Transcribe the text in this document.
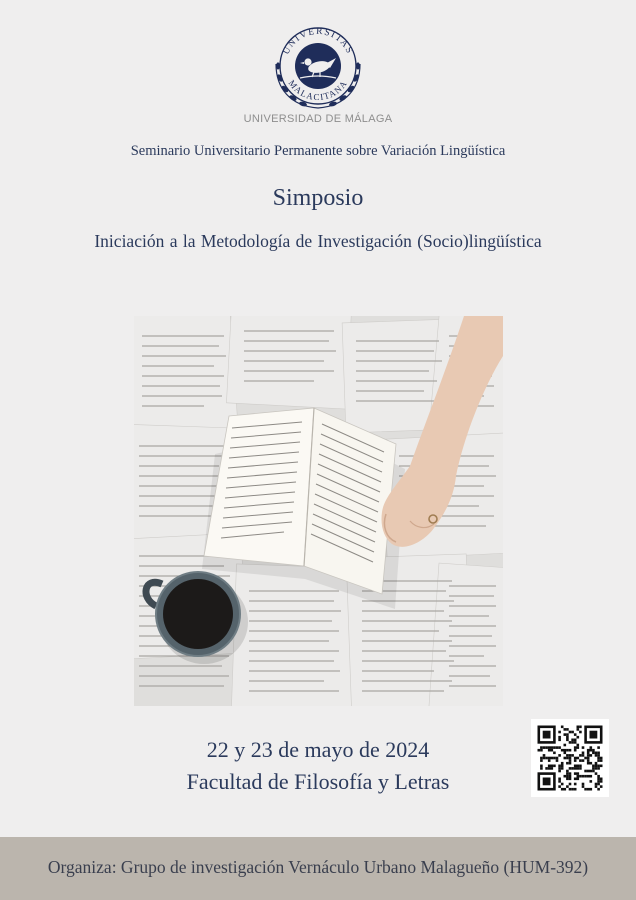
UNIVERSITAS
MALACITANA
UNIVERSIDAD DE MÁLAGA
Seminario Universitario Permanente sobre Variación Lingüística
Simposio
Iniciación a la Metodología de Investigación (Socio)lingüística
22 y 23 de mayo de 2024
Facultad de Filosofía y Letras
Organiza: Grupo de investigación Vernáculo Urbano Malagueño (HUM-392)
